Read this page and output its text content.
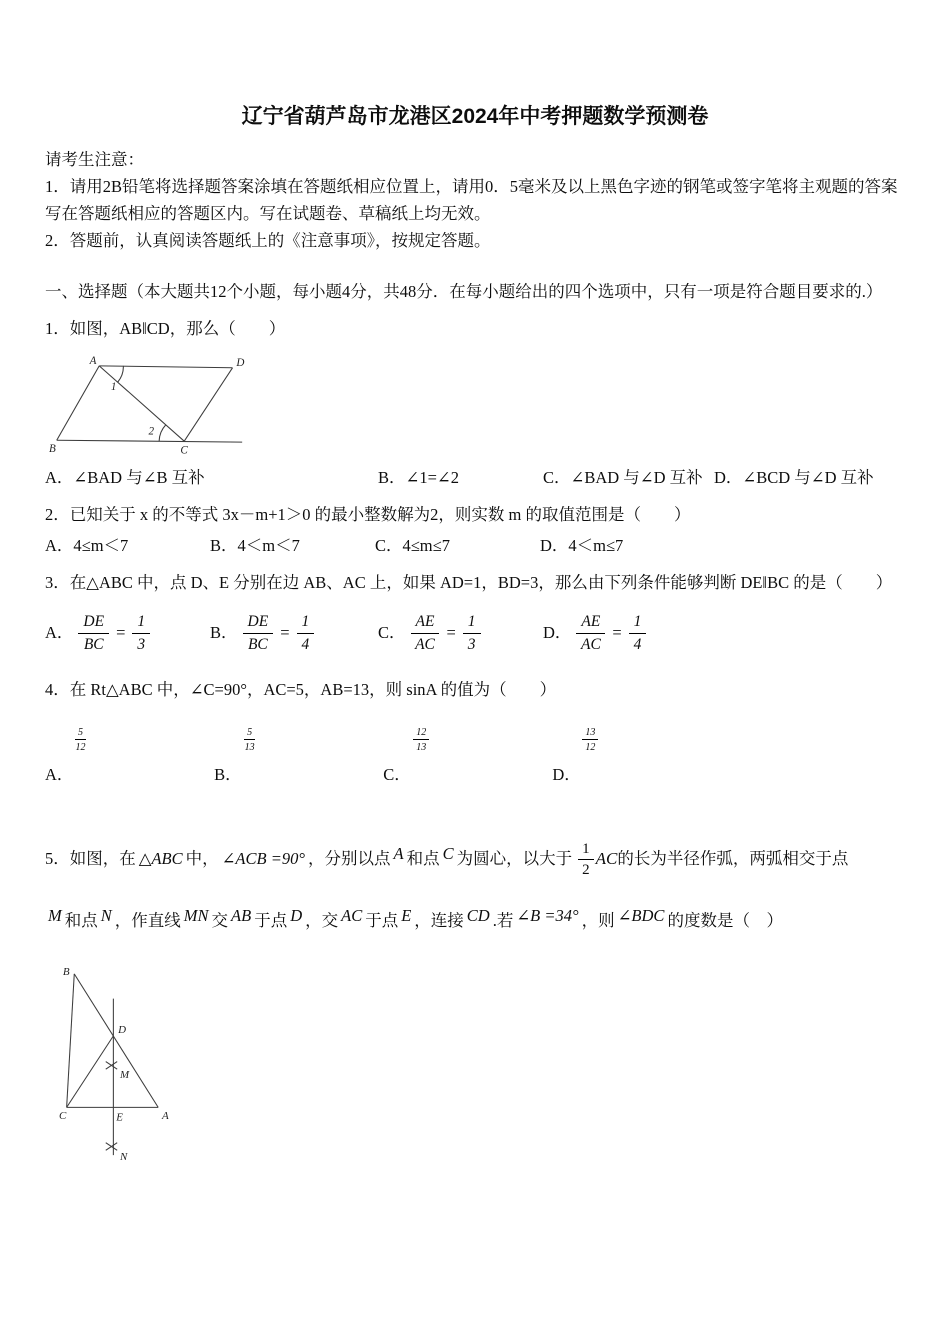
辽宁省葫芦岛市龙港区2024年中考押题数学预测卷

请考生注意：

1．请用2B铅笔将选择题答案涂填在答题纸相应位置上，请用0．5毫米及以上黑色字迹的钢笔或签字笔将主观题的答案写在答题纸相应的答题区内。写在试题卷、草稿纸上均无效。

2．答题前，认真阅读答题纸上的《注意事项》，按规定答题。

一、选择题（本大题共12个小题，每小题4分，共48分．在每小题给出的四个选项中，只有一项是符合题目要求的.）

1．如图，AB‖CD，那么（　　）

A	D
B	C
1
2
A．∠BAD 与∠B 互补	B．∠1=∠2	C．∠BAD 与∠D 互补 D．∠BCD 与∠D 互补

2．已知关于 x 的不等式 3x－m+1＞0 的最小整数解为2，则实数 m 的取值范围是（　　）

A．4≤m＜7	B．4＜m＜7	C．4≤m≤7	D．4＜m≤7

3．在△ABC 中，点 D、E 分别在边 AB、AC 上，如果 AD=1，BD=3，那么由下列条件能够判断 DE‖BC 的是（　　）

A． $\frac{DE}{BC} = \frac{1}{3}$	B． $\frac{DE}{BC} = \frac{1}{4}$	C． $\frac{AE}{AC} = \frac{1}{3}$	D． $\frac{AE}{AC} = \frac{1}{4}$

4．在 Rt△ABC 中，∠C=90°，AC=5，AB=13，则 sinA 的值为（　　）

$\frac{5}{12}$
A．

$\frac{5}{13}$
B．

$\frac{12}{13}$
C．

$\frac{13}{12}$
D．
5．如图，在 △ABC 中， ∠ACB =90° ，分别以点 A 和点 C 为圆心，以大于 $\frac{1}{2}$ AC的长为半径作弧，两弧相交于点
M 和点 N ，作直线 MN 交 AB 于点 D ，交 AC 于点 E ，连接 CD .若 ∠B =34° ，则 ∠BDC 的度数是（　）
B
C	A
D
M
E
N
